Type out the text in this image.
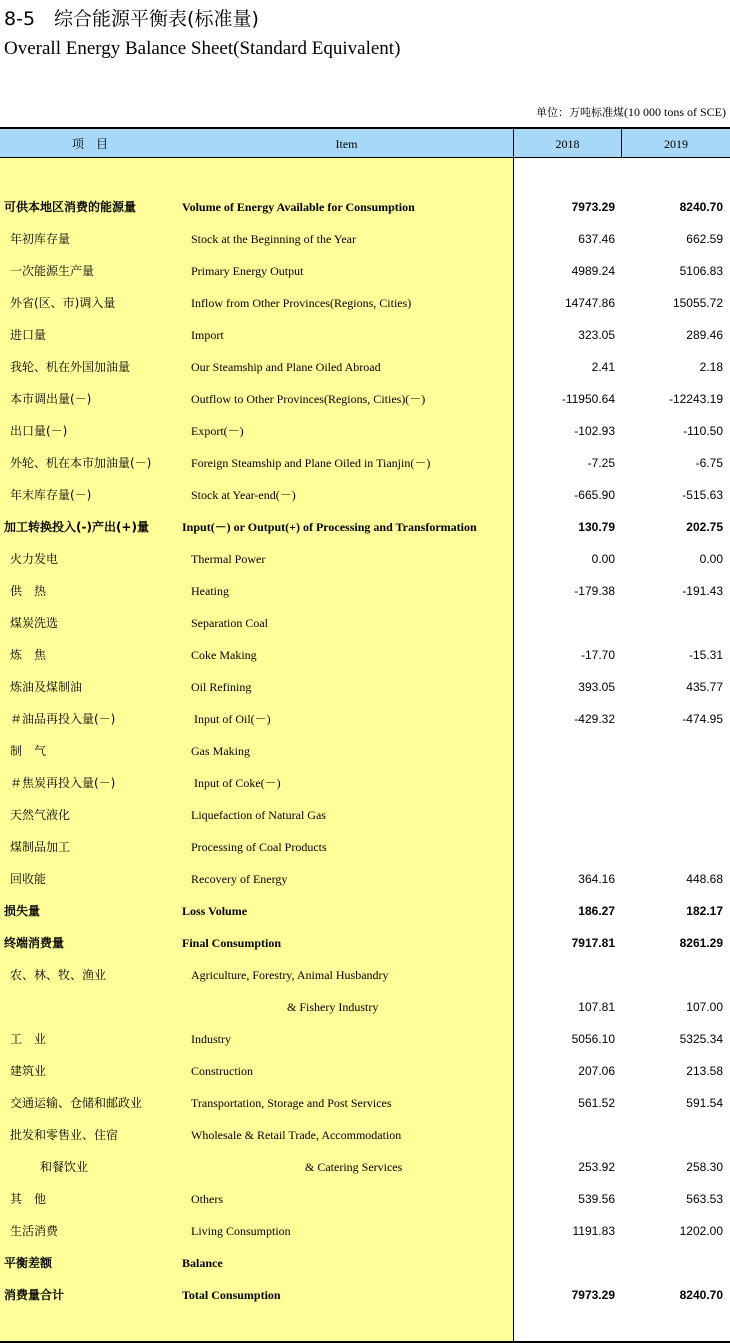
8-5　综合能源平衡表(标准量)
Overall Energy Balance Sheet(Standard Equivalent)
单位：万吨标准煤(10 000 tons of SCE)
项　目	Item	2018	2019
可供本地区消费的能源量	Volume of Energy Available for Consumption	7973.29	8240.70
年初库存量	Stock at the Beginning of the Year	637.46	662.59
一次能源生产量	Primary Energy Output	4989.24	5106.83
外省(区、市)调入量	Inflow from Other Provinces(Regions, Cities)	14747.86	15055.72
进口量	Import	323.05	289.46
我轮、机在外国加油量	Our Steamship and Plane Oiled Abroad	2.41	2.18
本市调出量(－)	Outflow to Other Provinces(Regions, Cities)(－)	-11950.64	-12243.19
出口量(－)	Export(－)	-102.93	-110.50
外轮、机在本市加油量(－)	Foreign Steamship and Plane Oiled in Tianjin(－)	-7.25	-6.75
年末库存量(－)	Stock at Year-end(－)	-665.90	-515.63
加工转换投入(-)产出(+)量	Input(－) or Output(+) of Processing and Transformation	130.79	202.75
火力发电	Thermal Power	0.00	0.00
供　热	Heating	-179.38	-191.43
煤炭洗选	Separation Coal
炼　焦	Coke Making	-17.70	-15.31
炼油及煤制油	Oil Refining	393.05	435.77
＃油品再投入量(－)	Input of Oil(－)	-429.32	-474.95
制　气	Gas Making
＃焦炭再投入量(－)	Input of Coke(－)
天然气液化	Liquefaction of Natural Gas
煤制品加工	Processing of Coal Products
回收能	Recovery of Energy	364.16	448.68
损失量	Loss Volume	186.27	182.17
终端消费量	Final Consumption	7917.81	8261.29
农、林、牧、渔业	Agriculture, Forestry, Animal Husbandry
& Fishery Industry	107.81	107.00
工　业	Industry	5056.10	5325.34
建筑业	Construction	207.06	213.58
交通运输、仓储和邮政业	Transportation, Storage and Post Services	561.52	591.54
批发和零售业、住宿	Wholesale & Retail Trade, Accommodation
和餐饮业	& Catering Services	253.92	258.30
其　他	Others	539.56	563.53
生活消费	Living Consumption	1191.83	1202.00
平衡差额	Balance
消费量合计	Total Consumption	7973.29	8240.70
